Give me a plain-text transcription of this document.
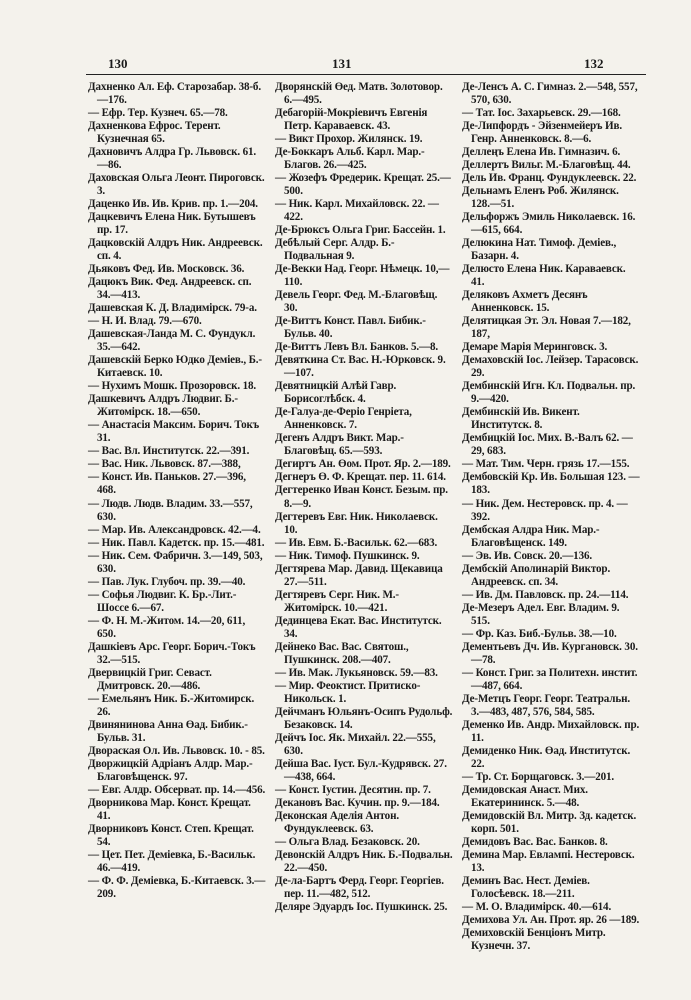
130	131	132

Дахненко Ал. Еф. Старозабар. 38-б.—176.

— Ефр. Тер. Кузнеч. 65.—78.

Дахненкова Ефрос. Терент. Кузнечная 65.

Дахновичъ Алдра Гр. Львовск. 61.—86.

Даховская Ольга Леонт. Пироговск. 3.

Даценко Ив. Ив. Крив. пр. 1.—204.

Дацкевичъ Елена Ник. Бутышевъ пр. 17.

Дацковскій Алдръ Ник. Андреевск. сп. 4.

Дьяковъ Фед. Ив. Московск. 36.

Дацюкъ Вик. Фед. Андреевск. сп. 34.—413.

Дашевская К. Д. Владимірск. 79-а.

— Н. И. Влад. 79.—670.

Дашевская-Ланда М. С. Фундукл. 35.—642.

Дашевскій Берко Юдко Деміев., Б.-Китаевск. 10.

— Нухимъ Мошк. Прозоровск. 18.

Дашкевичъ Алдръ Людвиг. Б.-Житомірск. 18.—650.

— Анастасія Максим. Борич. Токъ 31.

— Вас. Вл. Институтск. 22.—391.

— Вас. Ник. Львовск. 87.—388,

— Конст. Ив. Паньков. 27.—396, 468.

— Людв. Людв. Владим. 33.—557, 630.

— Мар. Ив. Александровск. 42.—4.

— Ник. Павл. Кадетск. пр. 15.—481.

— Ник. Сем. Фабричн. 3.—149, 503, 630.

— Пав. Лук. Глубоч. пр. 39.—40.

— Софья Людвиг. К. Бр.-Лит.-Шоссе 6.—67.

— Ф. Н. М.-Житом. 14.—20, 611, 650.

Дашкіевъ Арс. Георг. Борич.-Токъ 32.—515.

Двервицкій Григ. Севаст. Дмитровск. 20.—486.

— Емельянъ Ник. Б.-Житомирск. 26.

Двинянинова Анна Өад. Бибик.-Бульв. 31.

Двораская Ол. Ив. Львовск. 10. - 85.

Дворжицкій Адріанъ Алдр. Мар.-Благовѣщенск. 97.

— Евг. Алдр. Обсерват. пр. 14.—456.

Дворникова Мар. Конст. Крещат. 41.

Дворниковъ Конст. Степ. Крещат. 54.

— Цет. Пет. Деміевка, Б.-Васильк. 46.—419.

— Ф. Ф. Деміевка, Б.-Китаевск. 3.—209.

Дворянскій Өед. Матв. Золотовор. 6.—495.

Дебагорій-Мокріевичъ Евгенія Петр. Караваевск. 43.

— Викт Прохор. Жилянск. 19.

Де-Боккаръ Альб. Карл. Мар.-Благов. 26.—425.

— Жозефъ Фредерик. Крещат. 25.—500.

— Ник. Карл. Михайловск. 22. —422.

Де-Брюксъ Ольга Григ. Бассейн. 1.

Дебѣлый Серг. Алдр. Б.-Подвальная 9.

Де-Векки Над. Георг. Нѣмецк. 10,—110.

Девель Георг. Фед. М.-Благовѣщ. 30.

Де-Виттъ Конст. Павл. Бибик.-Бульв. 40.

Де-Виттъ Левъ Вл. Банков. 5.—8.

Девяткина Ст. Вас. Н.-Юрковск. 9.—107.

Девятницкій Алѣй Гавр. Борисоглѣбск. 4.

Де-Галуа-де-Феріо Генріета, Анненковск. 7.

Дегенъ Алдръ Викт. Мар.-Благовѣщ. 65.—593.

Дегиртъ Ан. Өом. Прот. Яр. 2.—189.

Дегнеръ Ө. Ф. Крещат. пер. 11. 614.

Дегтеренко Иван Конст. Безым. пр. 8.—9.

Дегтеревъ Евг. Ник. Николаевск. 10.

— Ив. Евм. Б.-Васильк. 62.—683.

— Ник. Тимоф. Пушкинск. 9.

Дегтярева Мар. Давид. Щекавица 27.—511.

Дегтяревъ Серг. Ник. М.-Житомірск. 10.—421.

Дединцева Екат. Вас. Институтск. 34.

Дейнеко Вас. Вас. Святош., Пушкинск. 208.—407.

— Ив. Мак. Лукьяновск. 59.—83.

— Мир. Феоктист. Притиско-Никольск. 1.

Дейчманъ Юльянъ-Осипъ Рудольф. Безаковск. 14.

Дейчъ Іос. Як. Михайл. 22.—555, 630.

Дейша Вас. Іуст. Бул.-Кудрявск. 27.—438, 664.

— Конст. Іустин. Десятин. пр. 7.

Декановъ Вас. Кучин. пр. 9.—184.

Деконская Аделія Антон. Фундуклеевск. 63.

— Ольга Влад. Безаковск. 20.

Девонскій Алдръ Ник. Б.-Подвальн. 22.—450.

Де-ла-Бартъ Ферд. Георг. Георгіев. пер. 11.—482, 512.

Деляре Эдуардъ Іос. Пушкинск. 25.

Де-Ленсъ А. С. Гимназ. 2.—548, 557, 570, 630.

— Тат. Іос. Захарьевск. 29.—168.

Де-Липфордъ - Эйзенмейеръ Ив. Генр. Анненковск. 8.—6.

Деллеңъ Елена Ив. Гимназич. 6.

Деллертъ Вильг. М.-Благовѣщ. 44.

Дель Ив. Франц. Фундуклеевск. 22.

Дельнамъ Еленъ Роб. Жилянск. 128.—51.

Дельфоржъ Эмиль Николаевск. 16.—615, 664.

Делюкина Нат. Тимоф. Деміев., Базарн. 4.

Делюсто Елена Ник. Караваевск. 41.

Деляковъ Ахметъ Десянъ Анненковск. 15.

Делятицкая Эт. Эл. Новая 7.—182, 187,

Демаре Марія Меринговск. 3.

Демаховскій Іос. Лейзер. Тарасовск. 29.

Дембинскій Игн. Кл. Подвальн. пр. 9.—420.

Дембинскій Ив. Викент. Институтск. 8.

Дембицкій Іос. Мих. В.-Валъ 62. —29, 683.

— Мат. Тим. Черн. грязь 17.—155.

Дембовскій Кр. Ив. Большая 123. —183.

— Ник. Дем. Нестеровск. пр. 4. —392.

Дембская Алдра Ник. Мар.-Благовѣщенск. 149.

— Эв. Ив. Совск. 20.—136.

Дембскій Аполинарій Виктор. Андреевск. сп. 34.

— Ив. Дм. Павловск. пр. 24.—114.

Де-Мезеръ Адел. Евг. Владим. 9. 515.

— Фр. Каз. Биб.-Бульв. 38.—10.

Дементьевъ Дч. Ив. Кургановск. 30.—78.

— Конст. Григ. за Политехн. инстит.—487, 664.

Де-Метцъ Георг. Георг. Театральн. 3.—483, 487, 576, 584, 585.

Деменко Ив. Андр. Михайловск. пр. 11.

Демиденко Ник. Өад. Институтск. 22.

— Тр. Ст. Борщаговск. 3.—201.

Демидовская Анаст. Мих. Екатерининск. 5.—48.

Демидовскій Вл. Митр. Зд. кадетск. корп. 501.

Демидовъ Вас. Вас. Банков. 8.

Демина Мар. Евлампі. Нестеровск. 13.

Деминъ Вас. Нест. Деміев. Голосѣевск. 18.—211.

— М. О. Владимірск. 40.—614.

Демихова Ул. Ан. Прот. яр. 26 —189.

Демиховскій Бенціонъ Митр. Кузнечн. 37.
